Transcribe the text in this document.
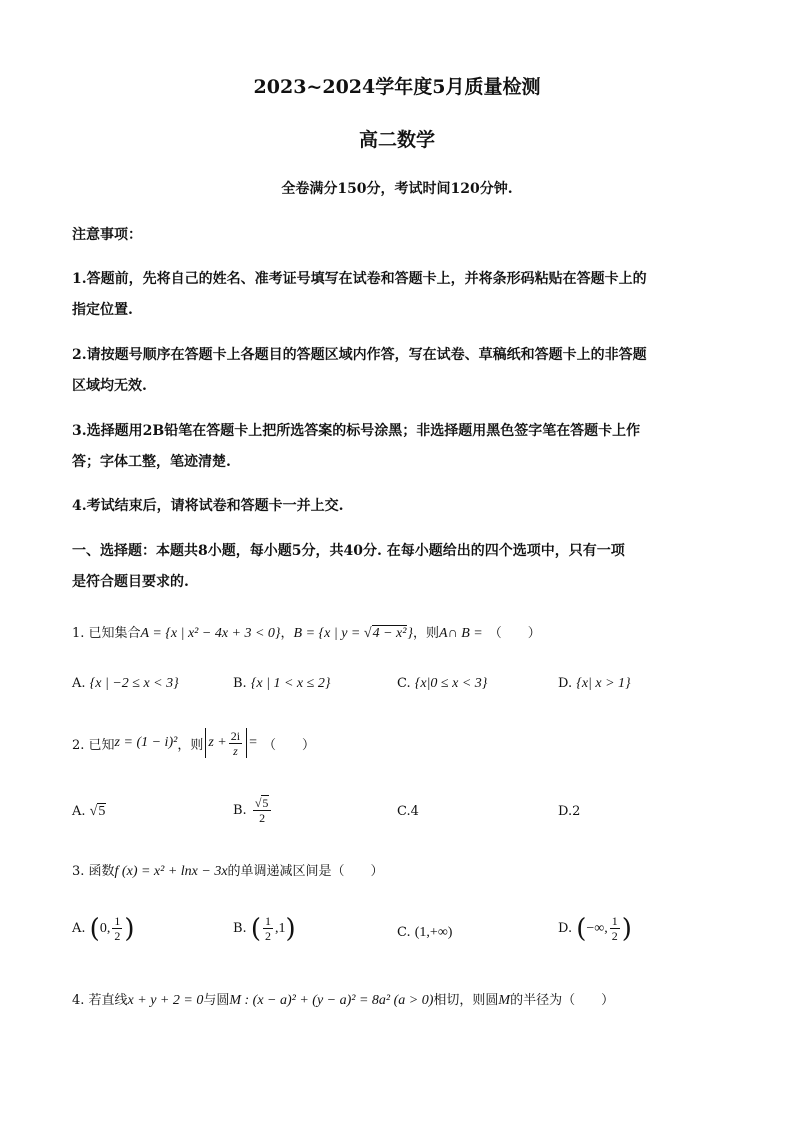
2023~2024学年度5月质量检测
高二数学
全卷满分150分，考试时间120分钟.
注意事项：
1.答题前，先将自己的姓名、准考证号填写在试卷和答题卡上，并将条形码粘贴在答题卡上的
指定位置.
2.请按题号顺序在答题卡上各题目的答题区域内作答，写在试卷、草稿纸和答题卡上的非答题
区域均无效.
3.选择题用2B铅笔在答题卡上把所选答案的标号涂黑；非选择题用黑色签字笔在答题卡上作
答；字体工整，笔迹清楚.
4.考试结束后，请将试卷和答题卡一并上交.
一、选择题：本题共8小题，每小题5分，共40分. 在每小题给出的四个选项中，只有一项
是符合题目要求的.
1. 已知集合A = {x | x² − 4x + 3 < 0}，B = {x | y = √4 − x²}，则A∩ B = （　　）
A. {x | −2 ≤ x < 3}	B. {x | 1 < x ≤ 2}	C. {x|0 ≤ x < 3}	D. {x| x > 1}
2. 已知 z = (1 − i)² ，则 $z + \frac{2i}{z}$ = （　　）
A. √5	B.
$\frac{√5}{2}$	C.4	D.2
3. 函数f (x) = x² + lnx − 3x的单调递减区间是（　　）
A.
( 0, $\frac{1}{2}$ )	B.
( $\frac{1}{2} ,1$ )	C. (1,+∞)	D.
( −∞, $\frac{1}{2}$ )
4. 若直线x + y + 2 = 0与圆M : (x − a)² + (y − a)² = 8a² (a > 0)相切，则圆M的半径为（　　）
